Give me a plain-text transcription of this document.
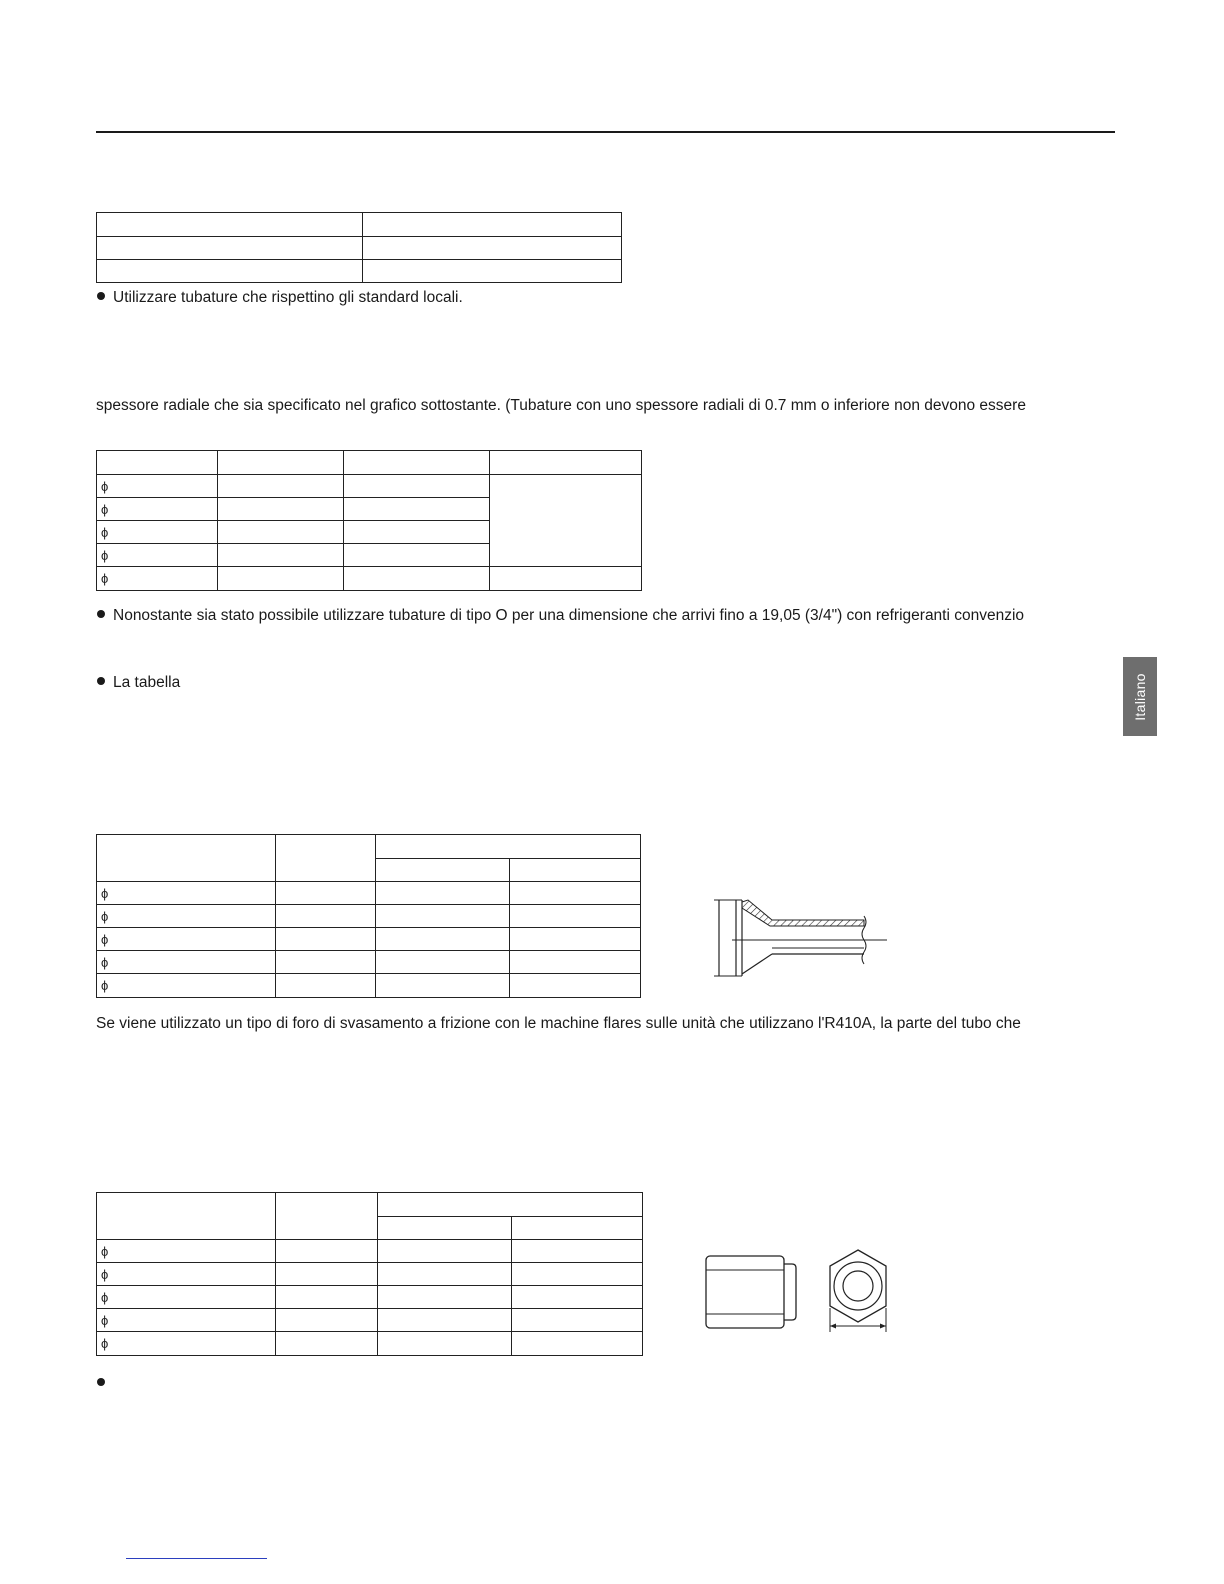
Utilizzare tubature che rispettino gli standard locali.
spessore radiale che sia specificato nel grafico sottostante. (Tubature con uno spessore radiali di 0.7 mm o inferiore non devono essere

ϕ			
ϕ			
ϕ			
ϕ			
ϕ			
Nonostante sia stato possibile utilizzare tubature di tipo O per una dimensione che arrivi fino a 19,05 (3/4") con refrigeranti convenzio
La tabella	Italiano

ϕ			
ϕ			
ϕ			
ϕ			
ϕ			
Se viene utilizzato un tipo di foro di svasamento a frizione con le machine flares sulle unità che utilizzano l'R410A, la parte del tubo che

ϕ			
ϕ			
ϕ			
ϕ			
ϕ			
